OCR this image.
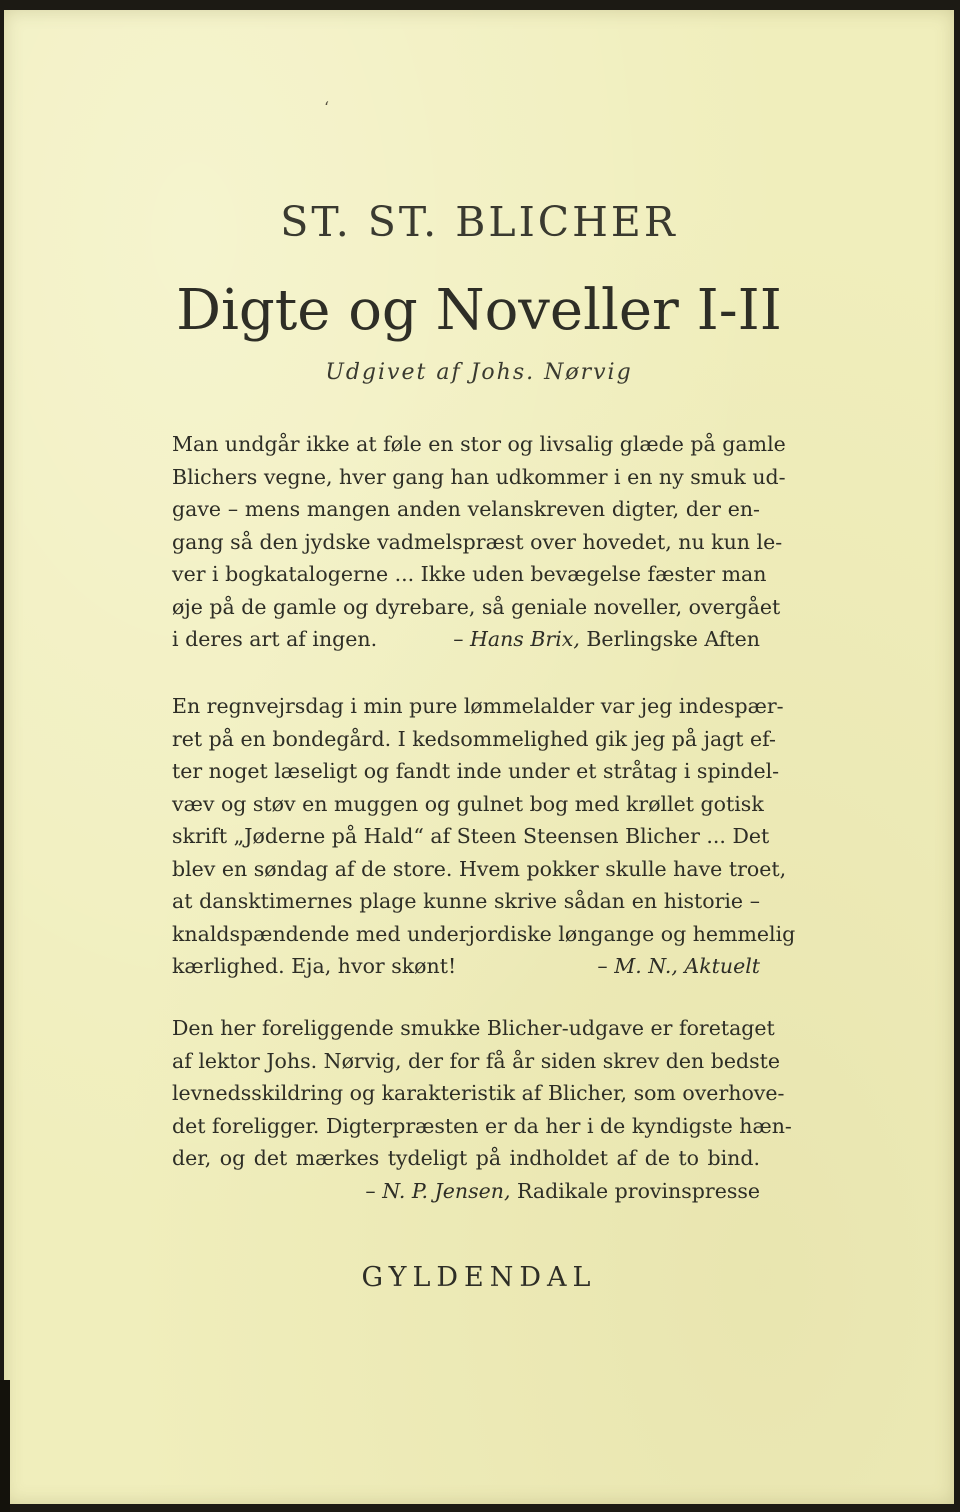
‘
ST. ST. BLICHER
Digte og Noveller I-II
Udgivet af Johs. Nørvig
Man undgår ikke at føle en stor og livsalig glæde på gamle
Blichers vegne, hver gang han udkommer i en ny smuk ud-
gave – mens mangen anden velanskreven digter, der en-
gang så den jydske vadmelspræst over hovedet, nu kun le-
ver i bogkatalogerne ... Ikke uden bevægelse fæster man
øje på de gamle og dyrebare, så geniale noveller, overgået
i deres art af ingen.	– Hans Brix, Berlingske Aften
En regnvejrsdag i min pure lømmelalder var jeg indespær-
ret på en bondegård. I kedsommelighed gik jeg på jagt ef-
ter noget læseligt og fandt inde under et stråtag i spindel-
væv og støv en muggen og gulnet bog med krøllet gotisk
skrift „Jøderne på Hald“ af Steen Steensen Blicher ... Det
blev en søndag af de store. Hvem pokker skulle have troet,
at dansktimernes plage kunne skrive sådan en historie –
knaldspændende med underjordiske løngange og hemmelig
kærlighed. Eja, hvor skønt!	– M. N., Aktuelt
Den her foreliggende smukke Blicher-udgave er foretaget
af lektor Johs. Nørvig, der for få år siden skrev den bedste
levnedsskildring og karakteristik af Blicher, som overhove-
det foreligger. Digterpræsten er da her i de kyndigste hæn-
der, og det mærkes tydeligt på indholdet af de to bind.
– N. P. Jensen, Radikale provinspresse
GYLDENDAL
